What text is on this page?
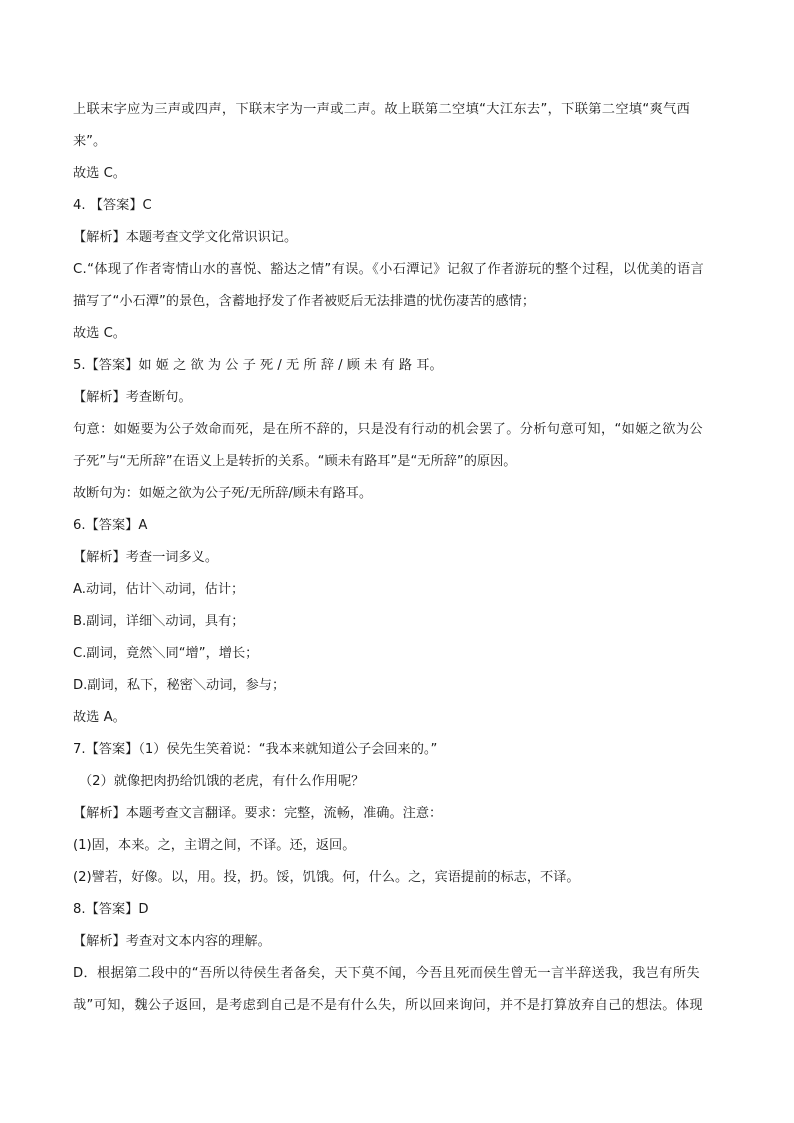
上联末字应为三声或四声，下联末字为一声或二声。故上联第二空填“大江东去”，下联第二空填“爽气西
来”。
故选 C。
4. 【答案】C
【解析】本题考查文学文化常识识记。
C.“体现了作者寄情山水的喜悦、豁达之情”有误。《小石潭记》记叙了作者游玩的整个过程，以优美的语言
描写了“小石潭”的景色，含蓄地抒发了作者被贬后无法排遣的忧伤凄苦的感情；
故选 C。
5.【答案】如 姬 之 欲 为 公 子 死 / 无 所 辞 / 顾 未 有 路 耳。
【解析】考查断句。
句意：如姬要为公子效命而死，是在所不辞的，只是没有行动的机会罢了。分析句意可知，“如姬之欲为公
子死”与“无所辞”在语义上是转折的关系。“顾未有路耳”是“无所辞”的原因。
故断句为：如姬之欲为公子死/无所辞/顾未有路耳。
6.【答案】A
【解析】考查一词多义。
A.动词，估计＼动词，估计；
B.副词，详细＼动词，具有；
C.副词，竟然＼同“增”，增长；
D.副词，私下，秘密＼动词，参与；
故选 A。
7.【答案】（1）侯先生笑着说：“我本来就知道公子会回来的。”
（2）就像把肉扔给饥饿的老虎，有什么作用呢？
【解析】本题考查文言翻译。要求：完整，流畅，准确。注意：
(1)固，本来。之，主谓之间，不译。还，返回。
(2)譬若，好像。以，用。投，扔。馁，饥饿。何，什么。之，宾语提前的标志，不译。
8.【答案】D
【解析】考查对文本内容的理解。
D．根据第二段中的“吾所以待侯生者备矣，天下莫不闻，今吾且死而侯生曾无一言半辞送我，我岂有所失
哉”可知，魏公子返回，是考虑到自己是不是有什么失，所以回来询问，并不是打算放弃自己的想法。体现
